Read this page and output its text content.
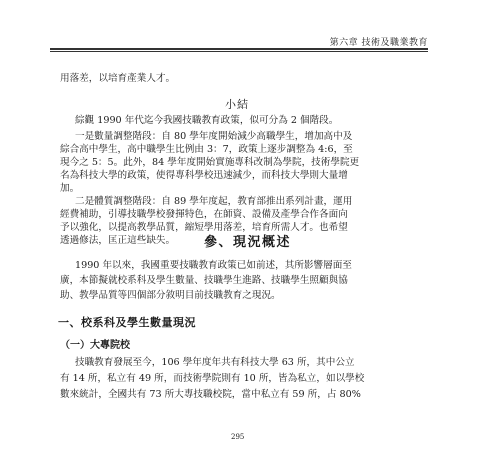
第六章 技術及職業教育
用落差，以培育產業人才。
小結
綜觀 1990 年代迄今我國技職教育政策，似可分為 2 個階段。
一是數量調整階段：自 80 學年度開始減少高職學生，增加高中及
綜合高中學生，高中職學生比例由 3：7，政策上逐步調整為 4:6，至
現今之 5：5。此外，84 學年度開始實施專科改制為學院，技術學院更
名為科技大學的政策，使得專科學校迅速減少，而科技大學則大量增
加。
二是體質調整階段：自 89 學年度起，教育部推出系列計畫，運用
經費補助，引導技職學校發揮特色，在師資、設備及產學合作各面向
予以強化，以提高教學品質，縮短學用落差，培育所需人才。也希望
透過修法，匡正這些缺失。 參、現況概述
1990 年以來，我國重要技職教育政策已如前述，其所影響層面至
廣，本節擬就校系科及學生數量、技職學生進路、技職學生照顧與協
助、教學品質等四個部分敘明目前技職教育之現況。
一、校系科及學生數量現況
（一）大專院校
技職教育發展至今，106 學年度年共有科技大學 63 所，其中公立
有 14 所，私立有 49 所，而技術學院則有 10 所，皆為私立，如以學校
數來統計，全國共有 73 所大專技職校院，當中私立有 59 所，占 80%
295
